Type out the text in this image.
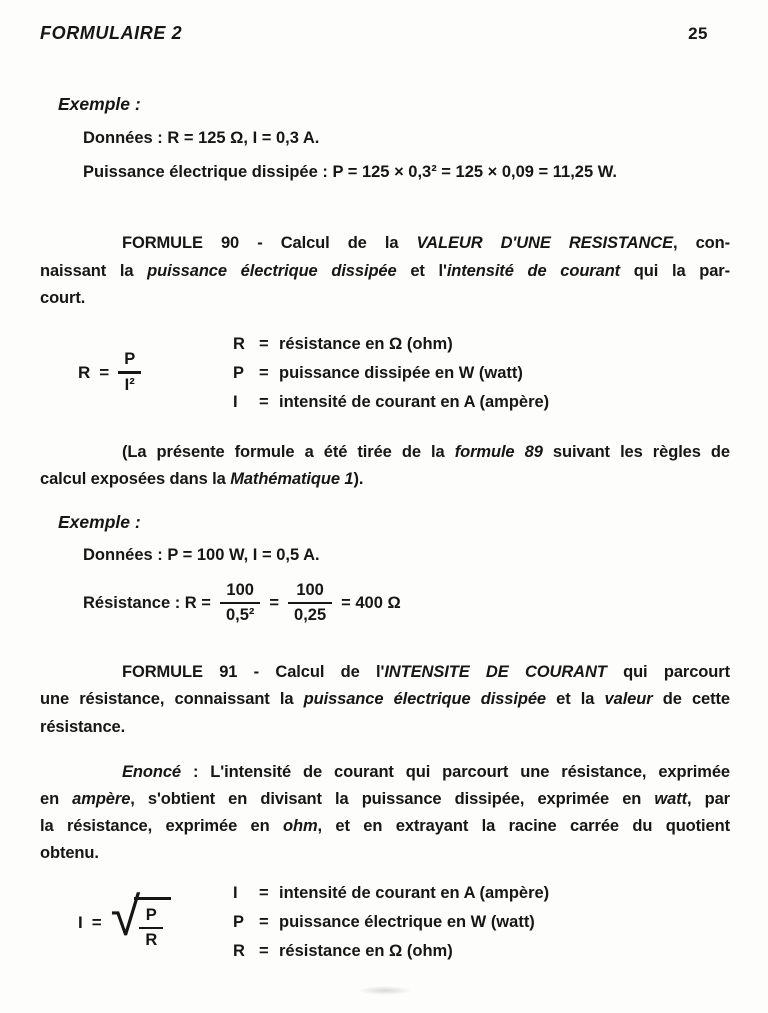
FORMULAIRE 2	25
Exemple :
Données : R = 125 Ω, I = 0,3 A.
Puissance électrique dissipée : P = 125 × 0,3² = 125 × 0,09 = 11,25 W.
FORMULE 90 - Calcul de la VALEUR D'UNE RESISTANCE, con-
naissant la puissance électrique dissipée et l'intensité de courant qui la par-
court.
$R = \frac{P}{\text{I²}}$
R = résistance en Ω (ohm)
P = puissance dissipée en W (watt)
I	= intensité de courant en A (ampère)
(La présente formule a été tirée de la formule 89 suivant les règles de
calcul exposées dans la Mathématique 1).
Exemple :
Données : P = 100 W, I = 0,5 A.
Résistance : $R = \frac{100}{\text{0,5²}} = \frac{100}{0,25} = 400$ Ω
FORMULE 91 - Calcul de l'INTENSITE DE COURANT qui parcourt
une résistance, connaissant la puissance électrique dissipée et la valeur de cette
résistance.
Enoncé : L'intensité de courant qui parcourt une résistance, exprimée
en ampère, s'obtient en divisant la puissance dissipée, exprimée en watt, par
la résistance, exprimée en ohm, et en extrayant la racine carrée du quotient
obtenu.
I = √ $\frac{P}{R}$
I	= intensité de courant en A (ampère)
P = puissance électrique en W (watt)
R = résistance en Ω (ohm)
